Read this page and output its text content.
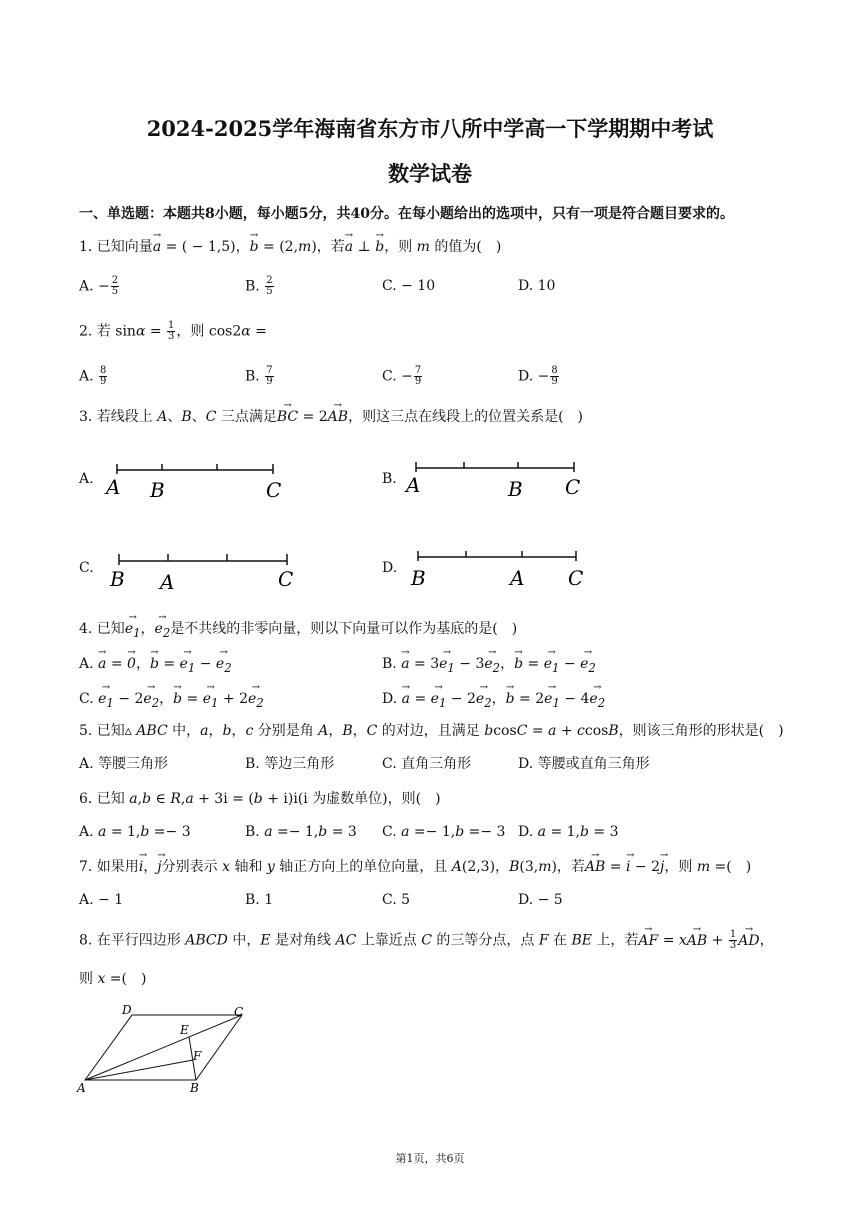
2024-2025学年海南省东方市八所中学高一下学期期中考试
数学试卷
一、单选题：本题共8小题，每小题5分，共40分。在每小题给出的选项中，只有一项是符合题目要求的。
1. 已知向量→ a = ( − 1,5)，→ b = (2,m)，若→ a ⊥ → b，则 m 的值为(　)
A. − $\frac{2}{5}$	B. $\frac{2}{5}$	C. − 10	D. 10
2. 若 $\sin\alpha = \frac{1}{3}$ ，则 cos2α =
A. $\frac{8}{9}$	B. $\frac{7}{9}$	C. − $\frac{7}{9}$	D. − $\frac{8}{9}$
3. 若线段上 A、B、C 三点满足→ BC = 2→ AB，则这三点在线段上的位置关系是(　)
A. A B	C	B. A	B C
C. B A	C	D. B	A C
4. 已知→ $e_1$，→ $e_2$是不共线的非零向量，则以下向量可以作为基底的是(　)
A. → a = → 0，→ b = → $e_1$ − → $e_2$	B. → $a = 3\to e_1 - 3\to e_2$，→ b = → $e_1$ − → $e_2$
C. → $e_1 - 2\to e_2$，→ b = → $e_1 + 2\to e_2$	D. → a = → $e_1 - 2\to e_2$，→ $b = 2\to e_1 - 4\to e_2$
5. 已知▵ ABC 中，a，b，c 分别是角 A，B，C 的对边，且满足 bcosC = a + ccosB，则该三角形的形状是(　)
A. 等腰三角形	B. 等边三角形	C. 直角三角形	D. 等腰或直角三角形
6. 已知 a,b ∈ R,a + 3i = (b + i)i(i 为虚数单位)，则(　)
A. a = 1,b =− 3	B. a =− 1,b = 3 C. a =− 1,b =− 3 D. a = 1,b = 3
7. 如果用→ i，→ j分别表示 x 轴和 y 轴正方向上的单位向量，且 A(2,3)，B(3,m)，若→ AB = → i − 2→ j，则 m =(　)
A. − 1	B. 1	C. 5	D. − 5
8. 在平行四边形 ABCD 中，E 是对角线 AC 上靠近点 C 的三等分点，点 F 在 BE 上，若→ AF = x→ AB + $\frac{1}{3}$
→ AD，
则 x =(　)
D	C
E
F
A	B
第1页，共6页
